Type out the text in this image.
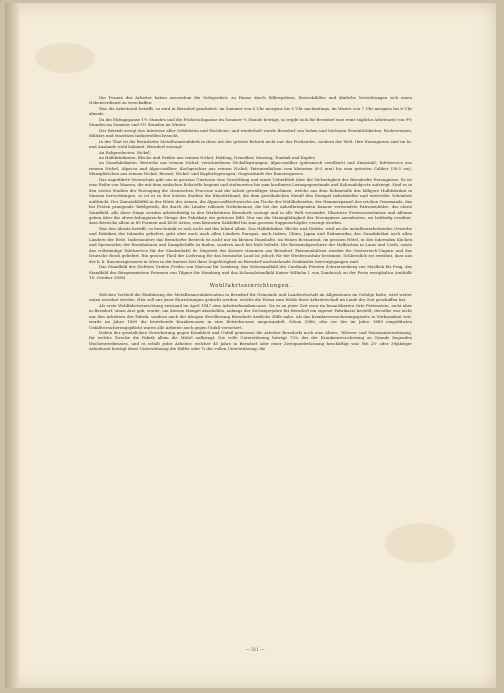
Die Frauen der Arbeiter haben ausserdem die Gelegenheit, zu Hause durch Silberpoliren, Besteckfüllen und ähnliche Verrichtungen sich einen Nebenverdienst zu verschaffen.

Was die Arbeitszeit betrifft, so wird in Berndorf gearbeitet: im Sommer von 6 Uhr morgens bis 5 Uhr nachmittags, im Winter von 7 Uhr morgens bis 6 Uhr abends.

Da die Mittagspause 1½ Stunden und die Frühstückspause im Sommer ½ Stunde beträgt, so ergibt sich für Berndorf eine reine tägliche Arbeitszeit von 9½ Stunden im Sommer und 9½ Stunden im Winter.

Der Betrieb erregt das Interesse aller Gebildeten und Fachleute, und wiederholt wurde Berndorf von hohen und höchsten Persönlichkeiten, Fachvereinen, Militärs und einzelnen Industriellen besucht.

In der That ist die Berndorfer Metallwaarenfabrik in ihrer Art der grösste Betrieb nicht nur des Festlandes, sondern der Welt. Ihre Erzeugnisse sind im In- und Auslande wohl bekannt. Berndorf erzeugt:

An Rohproducten: Nickel;

an Halbfabrikaten: Bleche und Drähte aus reinem Nickel, Pakfong, Neusilber, Messing, Tombak und Kupfer;

an Ganzfabrikaten: Bestecke aus reinem Nickel, verschiedenen Nickellegirungen, Alpaccasilber (galvanisch versilbert) und Zinnstahl; Tafelservice aus reinem Nickel, Alpacca und Alpaccasilber; Kochgeschirr aus reinem Nickel; Patronenhülsen vom kleinsten (6·5 mm) bis zum grössten Caliber (30·5 cm); Münzplättchen aus reinem Nickel, Bronze, Nickel- und Kupferlegirungen; Gegenstände des Kunstergusses.

Das angeführte Verzeichnis gibt nur in grossen Umrissen eine Vorstellung und einen Ueberblick über die Vielseitigkeit der Berndorfer Erzeugnisse. Es ist eine Reihe von Waaren, die mit dem einfachen Rohstoffe beginnt und stufenweise bis zum kostbaren Luxusgegenstande und Kolossalobjecte aufsteigt. Sind es in den ersten Stadien der Erzeugung die chemischen Processe und die Arbeit gewaltiger Maschinen, welche aus dem Rohmetalle das billigere Halbfabrikat in Massen hervorbringen, so ist es in den letzten Stadien die Künstlerhand, die dem gewöhnlichen Metall den Stempel individueller und wertvoller Schönheit aufdrückt. Der Zinnstahllöffel in der Hütte des Armen, die Alpaccasilberbestecke am Tische des Wohlhabenden, der Hammerpanzel des reichen Gourmands, das bei Festen prangende Tafelgeräth, die durch die Länder rollende Nickelmünze, die bei der unheilbringenden Kanone verwendete Patronenhülse, das ehrne Standbild, alle diese Dinge werden arbeitstheilig in den Werkstätten Berndorfs erzeugt und in alle Welt versendet. Illustrirte Preisverzeichnisse und Albums geben über die abwechslungsreiche Menge der Fabrikate ein getreues Bild. Nur um die Mannigfaltigkeit der Erzeugnisse anzudeuten, sei beiläufig erwähnt, dass Bestecke allein in 80 Formen und 4500 Arten, vom kleinsten Salzlöffel bis zum grossen Suppenschöpfer, erzeugt werden.

Was den Absatz betrifft, so beschränkt er sich nicht auf das Inland allein. Das Halbfabrikat, Bleche und Drähte, wird an die metallverarbeitenden Gewerbe und Fabriken des Inlandes geliefert, geht aber auch nach allen Ländern Europas, nach Indien, China, Japan und Südamerika; das Ganzfabrikat nach allen Ländern der Erde. Insbesondere das Berndorfer Besteck ist nicht nur im kleinen Haushalte, im feinen Restaurant, im grossen Hôtel, in den fahrenden Küchen und Speisesälen der Eisenbahnen und Dampfschiffe zu finden, sondern auch bei Hofe beliebt. Die Reiseziekgeschirre der Hofküchen in Lainz und Corfu, sowie das vollständige Tafelservice für die Maalzeitafel Sr. Majestät des Kaisers stammen aus Berndorf. Patronenhülsen wurden für Oesterreich-Ungarn und das Deutsche Reich geliefert. Ein grosser Theil der Lieferung für das bosnische Land ist jedoch für die Wiederausfuhr bestimmt. Schliesslich sei erwähnt, dass aus der k. k. Kunsterzgiesserei in Wien in der kurzen Zeit ihrer Zugehörigkeit zu Berndorf nachstehende Denkmäler hervorgegangen sind:

Das Standbild des Dichters Grafen Fredro von Marconi für Lemberg, das Votivstandbild des Cardinals Fürsten Schwarzenberg von Myslbek für Prag, das Standbild des Bürgermeisters Petersen von Tilgner für Hamburg und das Kolossalstandbild Kaiser Wilhelm I. von Zumbusch an der Porta westphalica (enthüllt 18. October 1896).

Wohlfahrtseinrichtungen.

Welchen Vortheil die Einführung der Metallwaarenfabrication in Berndorf für Gemeinde und Landwirtschaft im Allgemeinen im Gefolge hatte, wird weiter unten erwähnt werden. Hier soll nur jener Einrichtungen gedacht werden, welche die Firma zum Wohle ihrer Arbeiterschaft im Laufe der Zeit geschaffen hat.

Als erste Wohlfahrtseinrichtung entstand im April 1847 eine Arbeiterkrankencasse. Da es zu jener Zeit zwar im benachbarten Orte Pottenstein, nicht aber in Berndorf, einen Arzt gab, wurde, um diesem Mangel abzuhelfen, anfangs der Sechzigerjahre für Berndorf ein eigener Fabrikarzt bestellt; derselbe war nicht nur den Arbeitern der Fabrik, sondern auch der übrigen Bevölkerung Berndorfs ärztliche Hilfe nahe. Als das Krankenversicherungsgesetz in Wirksamkeit trat, wurde im Jahre 1889 die bestehende Krankencasse in eine Betriebscasse umgewandelt. Schon 1886, also vor der im Jahre 1889 eingeführten Unfallversicherungspflicht waren alle Arbeiter auch gegen Unfall versichert.

Neben der gesetzlichen Versicherung gegen Krankheit und Unfall geniessen die Arbeiter Berndorfs noch eine Alters-, Witwen- und Waisenunterstützung, für welche Zwecke die Fabrik allein die Mittel aufbringt. Die volle Unterstützung beträgt 75% des der Krankenversicherung zu Grunde liegenden Wochenverdienstes, und es erhält jeder Arbeiter, welcher 40 Jahre in Berndorf oder einer Zweigniederlassung beschäftigt war. Bei 20- oder 39jähriger Arbeitszeit beträgt diese Unterstützung die Hälfte oder ¾ der vollen Unterstützung; die

— 311 —
